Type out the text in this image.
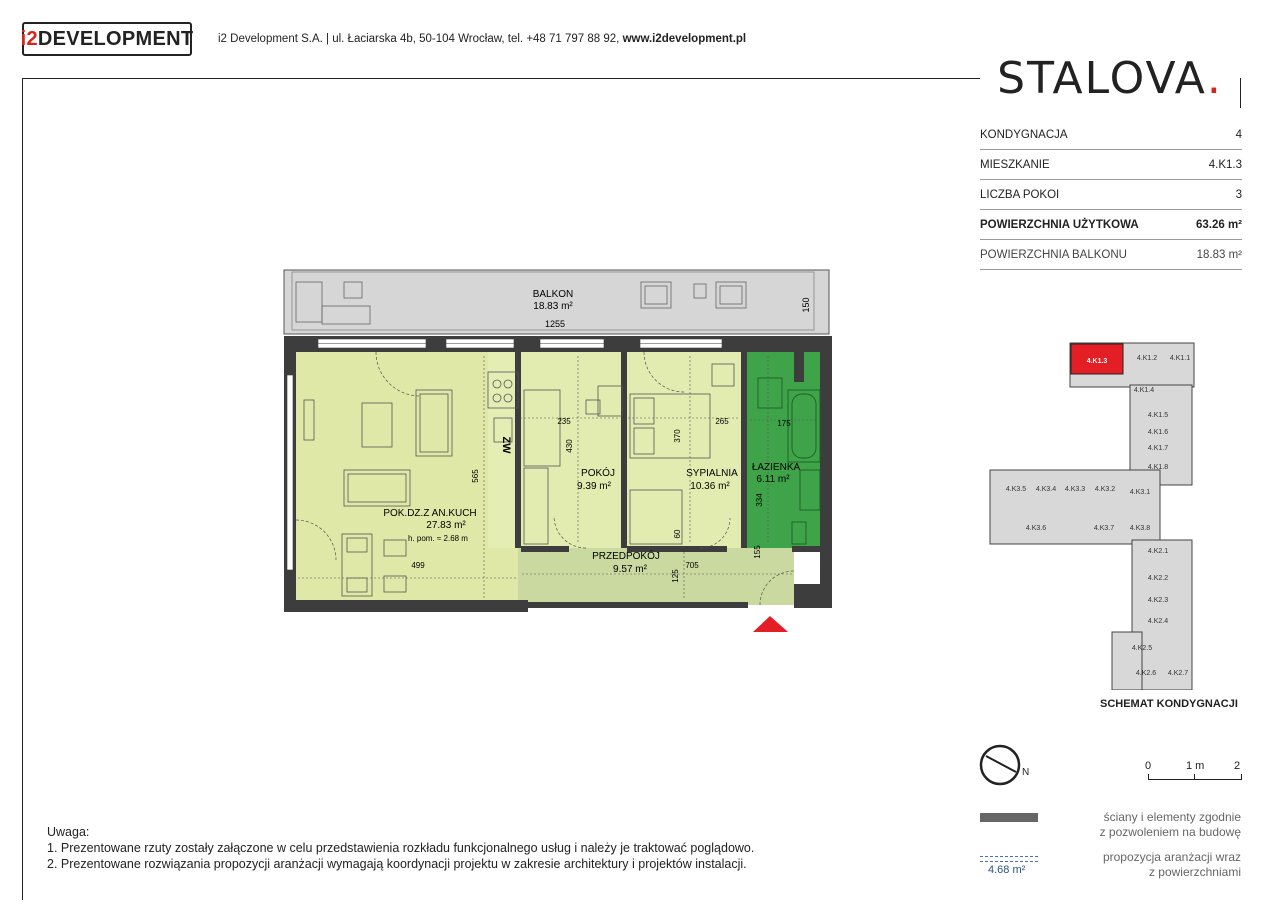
i2 DEVELOPMENT i2 Development S.A. | ul. Łaciarska 4b, 50-104 Wrocław, tel. +48 71 797 88 92, www.i2development.pl
STALOVA .
KONDYGNACJA	4
MIESZKANIE	4.K1.3
LICZBA POKOI	3
POWIERZCHNIA UŻYTKOWA	63.26 m²
POWIERZCHNIA BALKONU	18.83 m²
BALKON
18.83 m²
1255
150
POK.DZ.Z AN.KUCH
27.83 m²
h. pom. ≈ 2.68 m
565
499
ZW
POKÓJ
9.39 m²
235
430
SYPIALNIA
10.36 m²
265
370
ŁAZIENKA
6.11 m²
175
334
PRZEDPOKÓJ
9.57 m²	705
125
60
155
4.K1.3	4.K1.2 4.K1.1
4.K1.4
4.K1.5
4.K1.6
4.K1.7
4.K1.8
4.K3.5 4.K3.4 4.K3.3 4.K3.2 4.K3.1
4.K3.6	4.K3.7 4.K3.8
4.K2.1
4.K2.2
4.K2.3
4.K2.4
4.K2.5
4.K2.6 4.K2.7
SCHEMAT KONDYGNACJI
N
0	1 m	2
ściany i elementy zgodnie
z pozwoleniem na budowę
4.68 m²
propozycja aranżacji wraz
z powierzchniami
Uwaga:
1. Prezentowane rzuty zostały załączone w celu przedstawienia rozkładu funkcjonalnego usług i należy je traktować poglądowo.
2. Prezentowane rozwiązania propozycji aranżacji wymagają koordynacji projektu w zakresie architektury i projektów instalacji.
